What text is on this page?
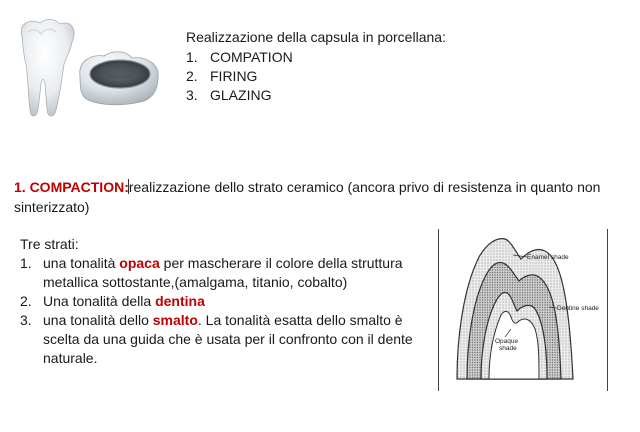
Realizzazione della capsula in porcellana:
1. COMPATION
2. FIRING
3. GLAZING
1. COMPACTION:realizzazione dello strato ceramico (ancora privo di resistenza in quanto non sinterizzato)
Tre strati:
1. una tonalità opaca per mascherare il colore della struttura metallica sottostante,(amalgama, titanio, cobalto)
2. Una tonalità della dentina
3. una tonalità dello smalto. La tonalità esatta dello smalto è scelta da una guida che è usata per il confronto con il dente naturale.
Enamel shade
Dentine shade
Opaque
shade
